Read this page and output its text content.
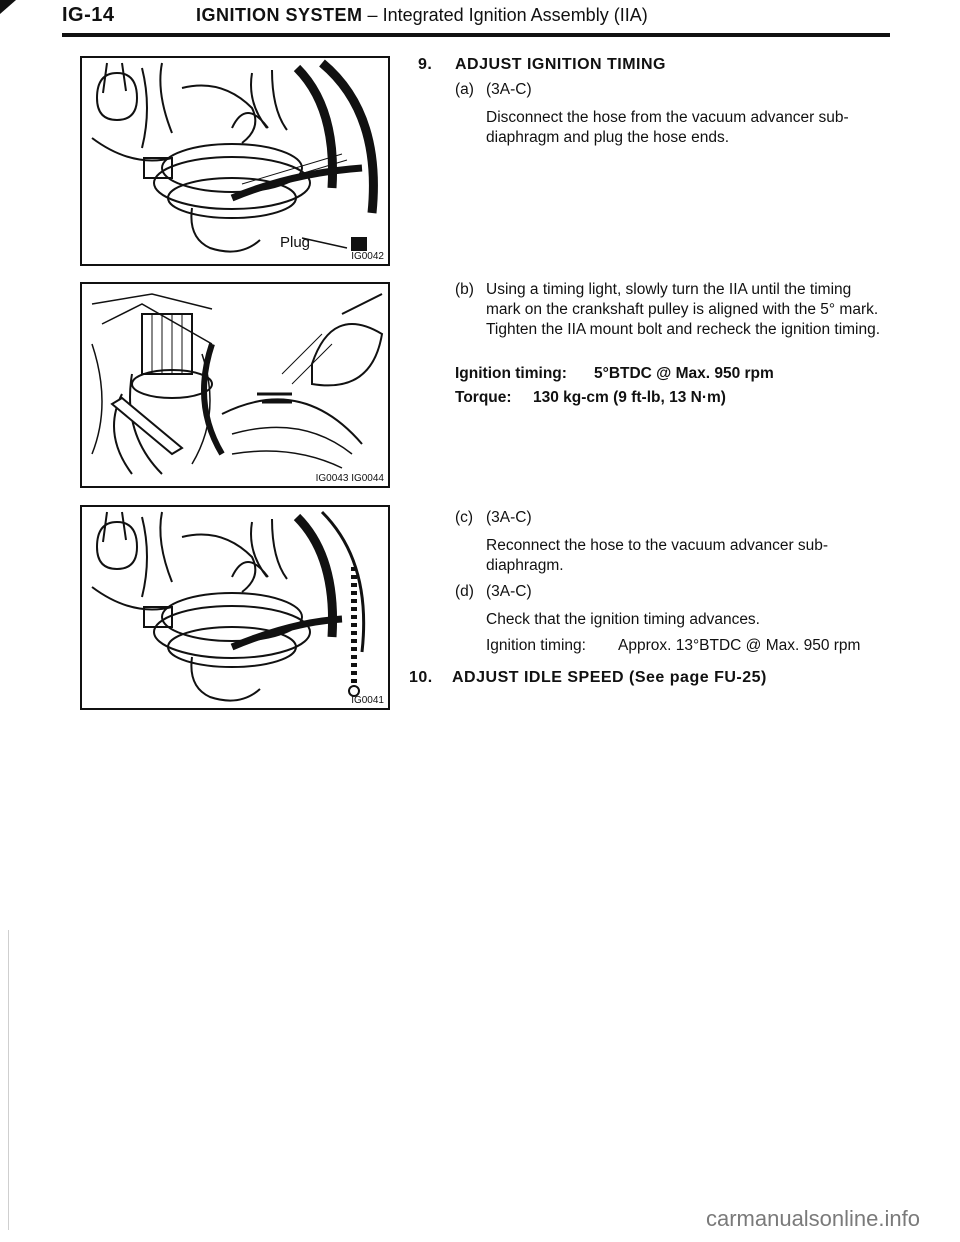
IG-14	IGNITION SYSTEM – Integrated Ignition Assembly (IIA)
Plug
IG0042
IG0043 IG0044
IG0041
9. ADJUST IGNITION TIMING
(a) (3A-C)
Disconnect the hose from the vacuum advancer sub-diaphragm and plug the hose ends.
(b) Using a timing light, slowly turn the IIA until the timing mark on the crankshaft pulley is aligned with the 5° mark. Tighten the IIA mount bolt and recheck the ignition timing.
Ignition timing: 5°BTDC @ Max. 950 rpm
Torque: 130 kg-cm (9 ft-lb, 13 N·m)
(c) (3A-C)
Reconnect the hose to the vacuum advancer sub-diaphragm.
(d) (3A-C)
Check that the ignition timing advances.
Ignition timing: Approx. 13°BTDC @ Max. 950 rpm
10. ADJUST IDLE SPEED (See page FU-25)
carmanualsonline.info
